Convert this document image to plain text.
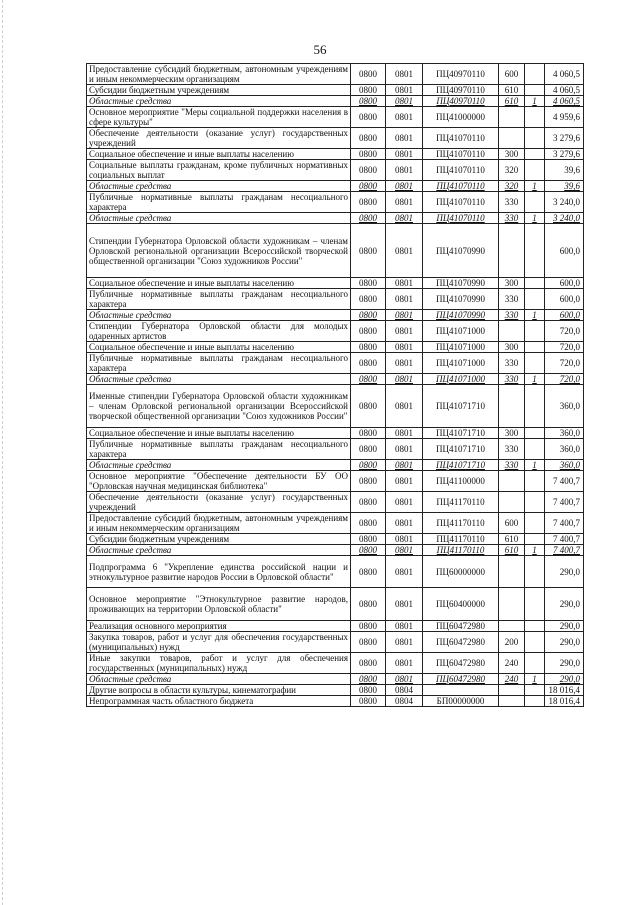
56
Предоставление субсидий бюджетным, автономным учреждениям и иным некоммерческим организациям	0800	0801	ПЦ40970110	600		4 060,5
Субсидии бюджетным учреждениям	0800	0801	ПЦ40970110	610		4 060,5
Областные средства	0800	0801	ПЦ40970110	610	1	4 060,5
Основное мероприятие "Меры социальной поддержки населения в сфере культуры"	0800	0801	ПЦ41000000			4 959,6
Обеспечение деятельности (оказание услуг) государственных учреждений	0800	0801	ПЦ41070110			3 279,6
Социальное обеспечение и иные выплаты населению	0800	0801	ПЦ41070110	300		3 279,6
Социальные выплаты гражданам, кроме публичных нормативных социальных выплат	0800	0801	ПЦ41070110	320		39,6
Областные средства	0800	0801	ПЦ41070110	320	1	39,6
Публичные нормативные выплаты гражданам несоциального характера	0800	0801	ПЦ41070110	330		3 240,0
Областные средства	0800	0801	ПЦ41070110	330	1	3 240,0
Стипендии Губернатора Орловской области художникам – членам Орловской региональной организации Всероссийской творческой общественной организации "Союз художников России"	0800	0801	ПЦ41070990			600,0
Социальное обеспечение и иные выплаты населению	0800	0801	ПЦ41070990	300		600,0
Публичные нормативные выплаты гражданам несоциального характера	0800	0801	ПЦ41070990	330		600,0
Областные средства	0800	0801	ПЦ41070990	330	1	600,0
Стипендии Губернатора Орловской области для молодых одаренных артистов	0800	0801	ПЦ41071000			720,0
Социальное обеспечение и иные выплаты населению	0800	0801	ПЦ41071000	300		720,0
Публичные нормативные выплаты гражданам несоциального характера	0800	0801	ПЦ41071000	330		720,0
Областные средства	0800	0801	ПЦ41071000	330	1	720,0
Именные стипендии Губернатора Орловской области художникам – членам Орловской региональной организации Всероссийской творческой общественной организации "Союз художников России"	0800	0801	ПЦ41071710			360,0
Социальное обеспечение и иные выплаты населению	0800	0801	ПЦ41071710	300		360,0
Публичные нормативные выплаты гражданам несоциального характера	0800	0801	ПЦ41071710	330		360,0
Областные средства	0800	0801	ПЦ41071710	330	1	360,0
Основное мероприятие "Обеспечение деятельности БУ ОО "Орловская научная медицинская библиотека"	0800	0801	ПЦ41100000			7 400,7
Обеспечение деятельности (оказание услуг) государственных учреждений	0800	0801	ПЦ41170110			7 400,7
Предоставление субсидий бюджетным, автономным учреждениям и иным некоммерческим организациям	0800	0801	ПЦ41170110	600		7 400,7
Субсидии бюджетным учреждениям	0800	0801	ПЦ41170110	610		7 400,7
Областные средства	0800	0801	ПЦ41170110	610	1	7 400,7
Подпрограмма 6 "Укрепление единства российской нации и этнокультурное развитие народов России в Орловской области"	0800	0801	ПЦ60000000			290,0
Основное мероприятие "Этнокультурное развитие народов, проживающих на территории Орловской области"	0800	0801	ПЦ60400000			290,0
Реализация основного мероприятия	0800	0801	ПЦ60472980			290,0
Закупка товаров, работ и услуг для обеспечения государственных (муниципальных) нужд	0800	0801	ПЦ60472980	200		290,0
Иные закупки товаров, работ и услуг для обеспечения государственных (муниципальных) нужд	0800	0801	ПЦ60472980	240		290,0
Областные средства	0800	0801	ПЦ60472980	240	1	290,0
Другие вопросы в области культуры, кинематографии	0800	0804				18 016,4
Непрограммная часть областного бюджета	0800	0804	БП00000000			18 016,4
